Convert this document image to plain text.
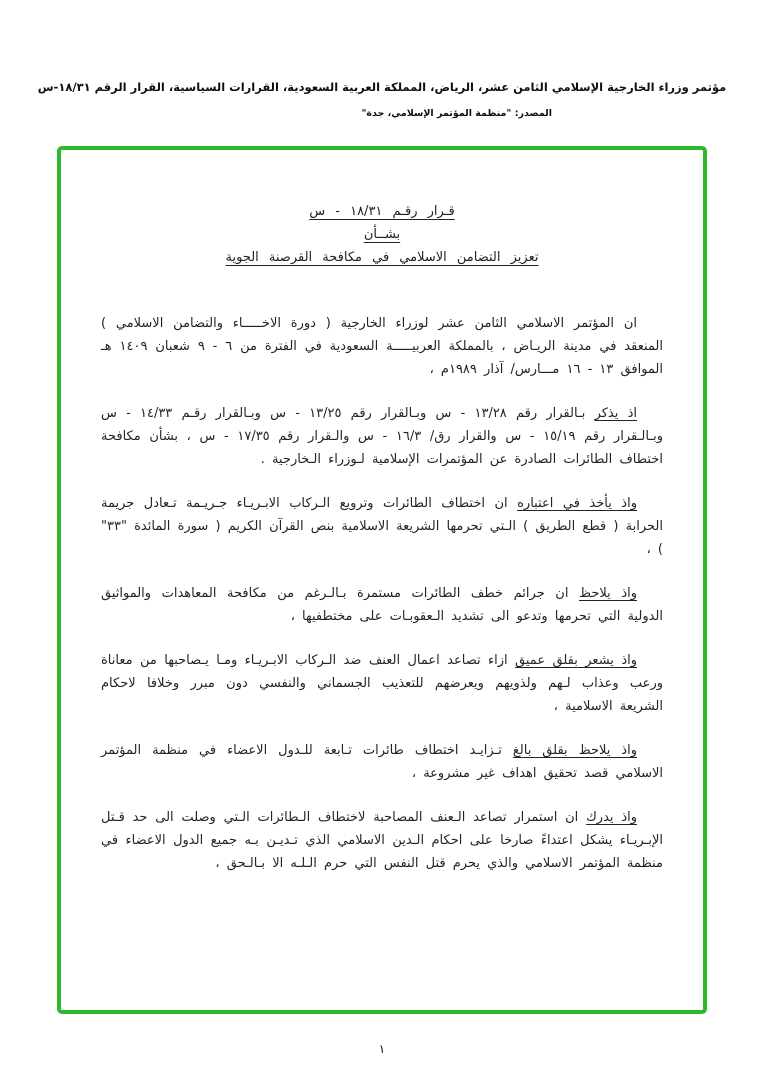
مؤتمر وزراء الخارجية الإسلامي الثامن عشر، الرياض، المملكة العربية السعودية، القرارات السياسية، القرار الرقم ١٨/٣١-س
المصدر: "منظمة المؤتمر الإسلامي، جدة"
قـرار رقـم ١٨/٣١ - س
بشــأن
تعزيز التضامن الاسلامي في مكافحة القرصنة الجوية

ان المؤتمر الاسلامي الثامن عشر لوزراء الخارجية ( دورة الاخـــــاء والتضامن الاسلامي ) المنعقد في مدينة الريـاض ، بالمملكة العربيـــــة السعودية في الفترة من ٦ - ٩ شعبان ١٤٠٩ هـ الموافق ١٣ - ١٦ مـــارس/ آذار ١٩٨٩م ،

اذ يذكر بـالقرار رقم ١٣/٢٨ - س وبـالقرار رقم ١٣/٢٥ - س وبـالقرار رقـم ١٤/٣٣ - س وبـالـقرار رقم ١٥/١٩ - س والقرار رق/ ١٦/٣ - س والـقرار رقم ١٧/٣٥ - س ، بشأن مكافحة اختطاف الطائرات الصادرة عن المؤتمرات الإسلامية لـوزراء الـخارجية .

واذ يأخذ في اعتباره ان اختطاف الطائرات وترويع الـركاب الابـريـاء جـريـمة تـعادل جريمة الحرابة ( قطع الطريق ) الـتي تحرمها الشريعة الاسلامية بنص القرآن الكريم ( سورة المائدة "٣٣" ) ،

واذ يلاحظ ان جرائم خطف الطائرات مستمرة بـالـرغم من مكافحة المعاهدات والمواثيق الدولية التي تحرمها وتدعو الى تشديد الـعقوبـات على مختطفيها ،

واذ يشعر بقلق عميق ازاء تصاعد اعمال العنف ضد الـركاب الابـريـاء ومـا يـصاحبها من معاناة ورعب وعذاب لـهم ولذويهم ويعرضهم للتعذيب الجسماني والنفسي دون مبرر وخلافا لاحكام الشريعة الاسلامية ،

واذ يلاحظ بقلق بالغ تـزايـد اختطاف طائرات تـابعة للـدول الاعضاء في منظمة المؤتمر الاسلامي قصد تحقيق اهداف غير مشروعة ،

واذ يدرك ان استمرار تصاعد الـعنف المصاحبة لاختطاف الـطائرات الـتي وصلت الى حد قـتل الإبـريـاء يشكل اعتداءً صارخا على احكام الـدين الاسلامي الذي تـديـن بـه جميع الدول الاعضاء في منظمة المؤتمر الاسلامي والذي يحرم قتل النفس التي حرم الـلـه الا بـالـحق ،

١
